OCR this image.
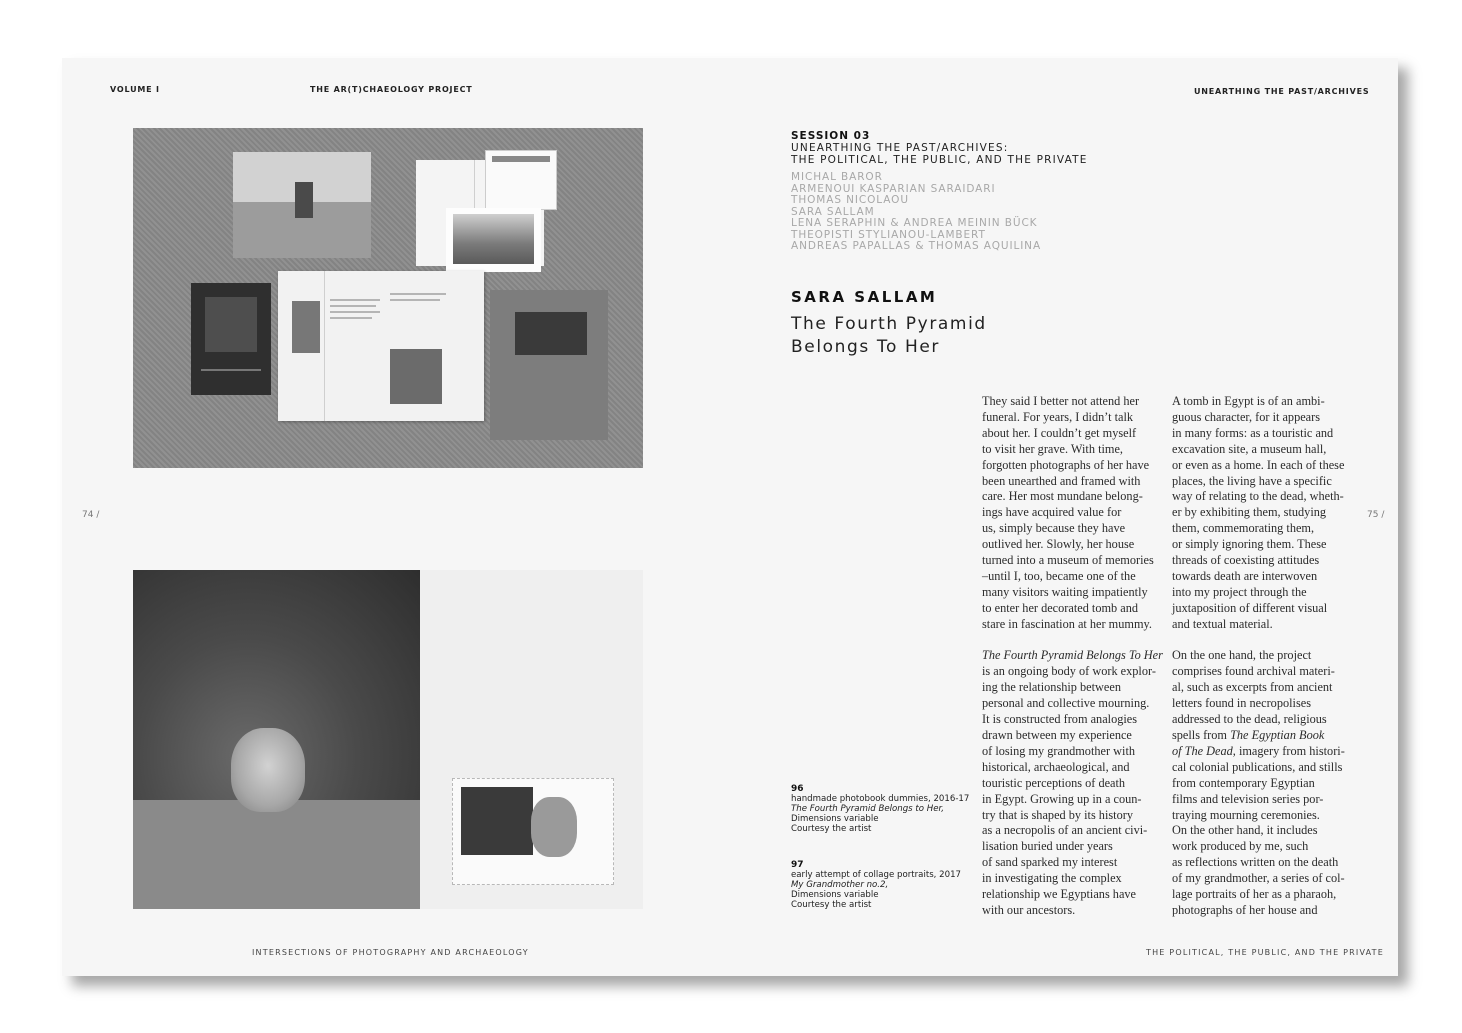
VOLUME I	THE AR(T)CHAEOLOGY PROJECT
74 /
INTERSECTIONS OF PHOTOGRAPHY AND ARCHAEOLOGY
UNEARTHING THE PAST/ARCHIVES
75 /
THE POLITICAL, THE PUBLIC, AND THE PRIVATE
SESSION 03
UNEARTHING THE PAST/ARCHIVES:
THE POLITICAL, THE PUBLIC, AND THE PRIVATE
MICHAL BAROR
ARMENOUI KASPARIAN SARAIDARI
THOMAS NICOLAOU
SARA SALLAM
LENA SERAPHIN & ANDREA MEININ BÜCK
THEOPISTI STYLIANOU-LAMBERT
ANDREAS PAPALLAS & THOMAS AQUILINA
SARA SALLAM
The Fourth Pyramid
Belongs To Her
They said I better not attend her
funeral. For years, I didn’t talk
about her. I couldn’t get myself
to visit her grave. With time,
forgotten photographs of her have
been unearthed and framed with
care. Her most mundane belong-
ings have acquired value for
us, simply because they have
outlived her. Slowly, her house
turned into a museum of memories
–until I, too, became one of the
many visitors waiting impatiently
to enter her decorated tomb and
stare in fascination at her mummy.
The Fourth Pyramid Belongs To Her
is an ongoing body of work explor-
ing the relationship between
personal and collective mourning.
It is constructed from analogies
drawn between my experience
of losing my grandmother with
historical, archaeological, and
touristic perceptions of death
in Egypt. Growing up in a coun-
try that is shaped by its history
as a necropolis of an ancient civi-
lisation buried under years
of sand sparked my interest
in investigating the complex
relationship we Egyptians have
with our ancestors.
A tomb in Egypt is of an ambi-
guous character, for it appears
in many forms: as a touristic and
excavation site, a museum hall,
or even as a home. In each of these
places, the living have a specific
way of relating to the dead, wheth-
er by exhibiting them, studying
them, commemorating them,
or simply ignoring them. These
threads of coexisting attitudes
towards death are interwoven
into my project through the
juxtaposition of different visual
and textual material.
On the one hand, the project
comprises found archival materi-
al, such as excerpts from ancient
letters found in necropolises
addressed to the dead, religious
spells from The Egyptian Book
of The Dead, imagery from histori-
cal colonial publications, and stills
from contemporary Egyptian
films and television series por-
traying mourning ceremonies.
On the other hand, it includes
work produced by me, such
as reflections written on the death
of my grandmother, a series of col-
lage portraits of her as a pharaoh,
photographs of her house and
96
handmade photobook dummies, 2016-17
The Fourth Pyramid Belongs to Her,
Dimensions variable
Courtesy the artist
97
early attempt of collage portraits, 2017
My Grandmother no.2,
Dimensions variable
Courtesy the artist
